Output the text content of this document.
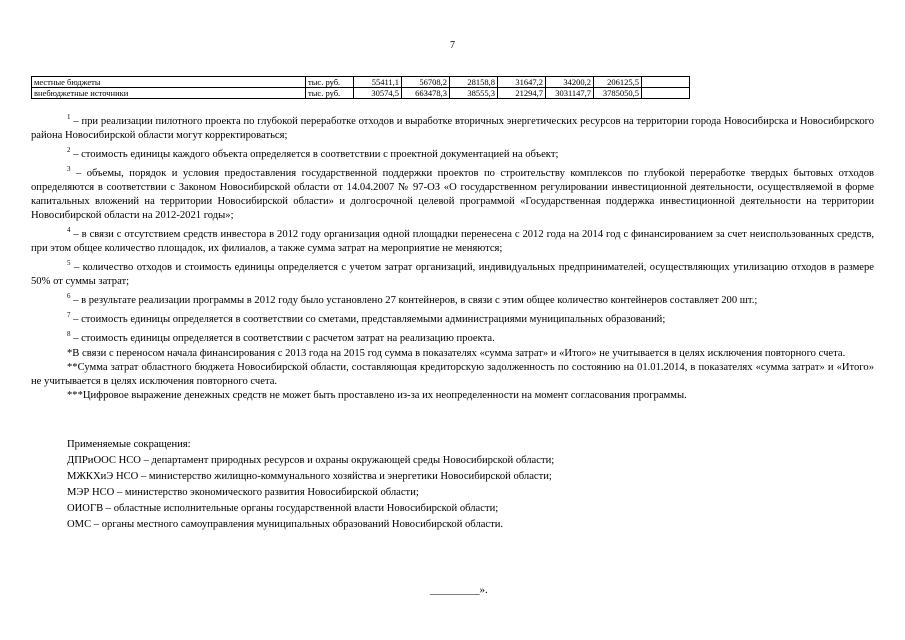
7
местные бюджеты	тыс. руб.	55411,1	56708,2	28158,8	31647,2	34200,2	206125,5	
внебюджетные источники	тыс. руб.	30574,5	663478,3	38555,3	21294,7	3031147,7	3785050,5	

$^1$ – при реализации пилотного проекта по глубокой переработке отходов и выработке вторичных энергетических ресурсов на территории города Новосибирска и Новосибирского района Новосибирской области могут корректироваться;

$^2$ – стоимость единицы каждого объекта определяется в соответствии с проектной документацией на объект;

$^3$ – объемы, порядок и условия предоставления государственной поддержки проектов по строительству комплексов по глубокой переработке твердых бытовых отходов определяются в соответствии с Законом Новосибирской области от 14.04.2007 № 97-ОЗ «О государственном регулировании инвестиционной деятельности, осуществляемой в форме капитальных вложений на территории Новосибирской области» и долгосрочной целевой программой «Государственная поддержка инвестиционной деятельности на территории Новосибирской области на 2012-2021 годы»;

$^4$ – в связи с отсутствием средств инвестора в 2012 году организация одной площадки перенесена с 2012 года на 2014 год с финансированием за счет неиспользованных средств, при этом общее количество площадок, их филиалов, а также сумма затрат на мероприятие не меняются;

$^5$ – количество отходов и стоимость единицы определяется с учетом затрат организаций, индивидуальных предпринимателей, осуществляющих утилизацию отходов в размере 50% от суммы затрат;

$^6$ – в результате реализации программы в 2012 году было установлено 27 контейнеров, в связи с этим общее количество контейнеров составляет 200 шт.;

$^7$ – стоимость единицы определяется в соответствии со сметами, представляемыми администрациями муниципальных образований;

$^8$ – стоимость единицы определяется в соответствии с расчетом затрат на реализацию проекта.

*В связи с переносом начала финансирования с 2013 года на 2015 год сумма в показателях «сумма затрат» и «Итого» не учитывается в целях исключения повторного счета.

**Сумма затрат областного бюджета Новосибирской области, составляющая кредиторскую задолженность по состоянию на 01.01.2014, в показателях «сумма затрат» и «Итого» не учитывается в целях исключения повторного счета.

***Цифровое выражение денежных средств не может быть проставлено из-за их неопределенности на момент согласования программы.

Применяемые сокращения:
ДПРиООС НСО – департамент природных ресурсов и охраны окружающей среды Новосибирской области;
МЖКХиЭ НСО – министерство жилищно-коммунального хозяйства и энергетики Новосибирской области;
МЭР НСО – министерство экономического развития Новосибирской области;
ОИОГВ – областные исполнительные органы государственной власти Новосибирской области;
ОМС – органы местного самоуправления муниципальных образований Новосибирской области.
_________».
